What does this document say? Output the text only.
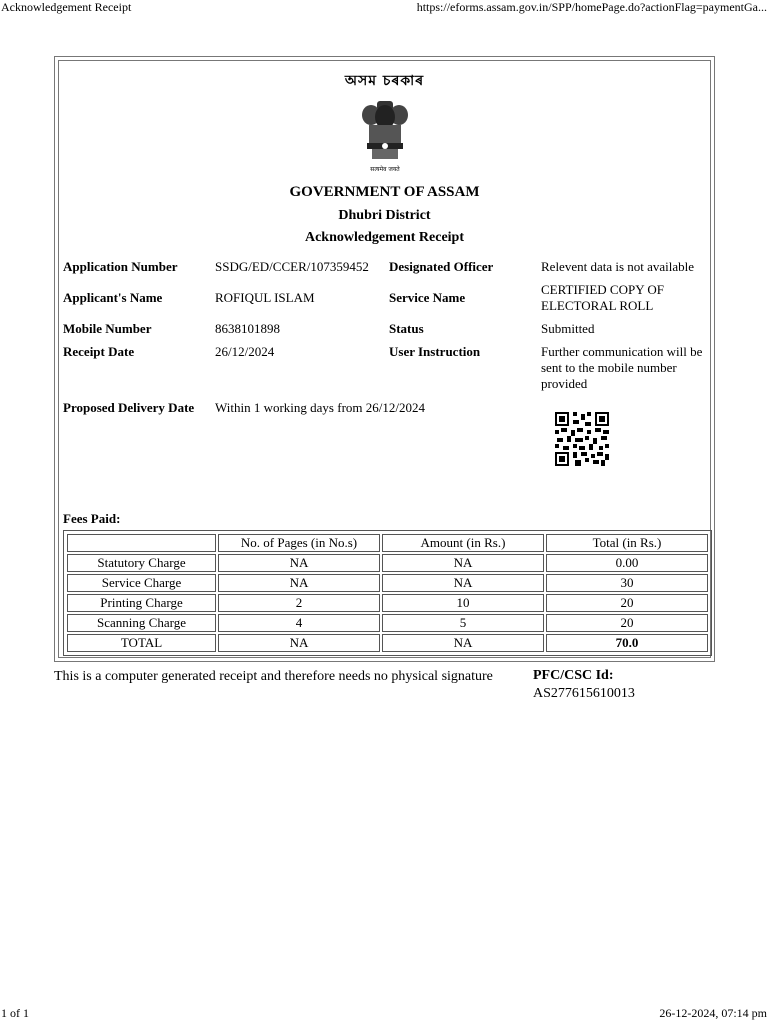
Acknowledgement Receipt	https://eforms.assam.gov.in/SPP/homePage.do?actionFlag=paymentGa...
অসম চৰকাৰ
सत्यमेव जयते
GOVERNMENT OF ASSAM
Dhubri District
Acknowledgement Receipt
Application Number	SSDG/ED/CCER/107359452 Designated Officer	Relevent data is not available
Applicant's Name	ROFIQUL ISLAM	Service Name
CERTIFIED COPY OF ELECTORAL ROLL
Mobile Number	8638101898	Status	Submitted
Receipt Date	26/12/2024	User Instruction	Further communication will be sent to the mobile number provided
Proposed Delivery Date Within 1 working days from 26/12/2024
Fees Paid:
	No. of Pages (in No.s)	Amount (in Rs.)	Total (in Rs.)
Statutory Charge	NA	NA	0.00
Service Charge	NA	NA	30
Printing Charge	2	10	20
Scanning Charge	4	5	20
TOTAL	NA	NA	70.0
This is a computer generated receipt and therefore needs no physical signature	PFC/CSC Id:
AS277615610013
1 of 1	26-12-2024, 07:14 pm
